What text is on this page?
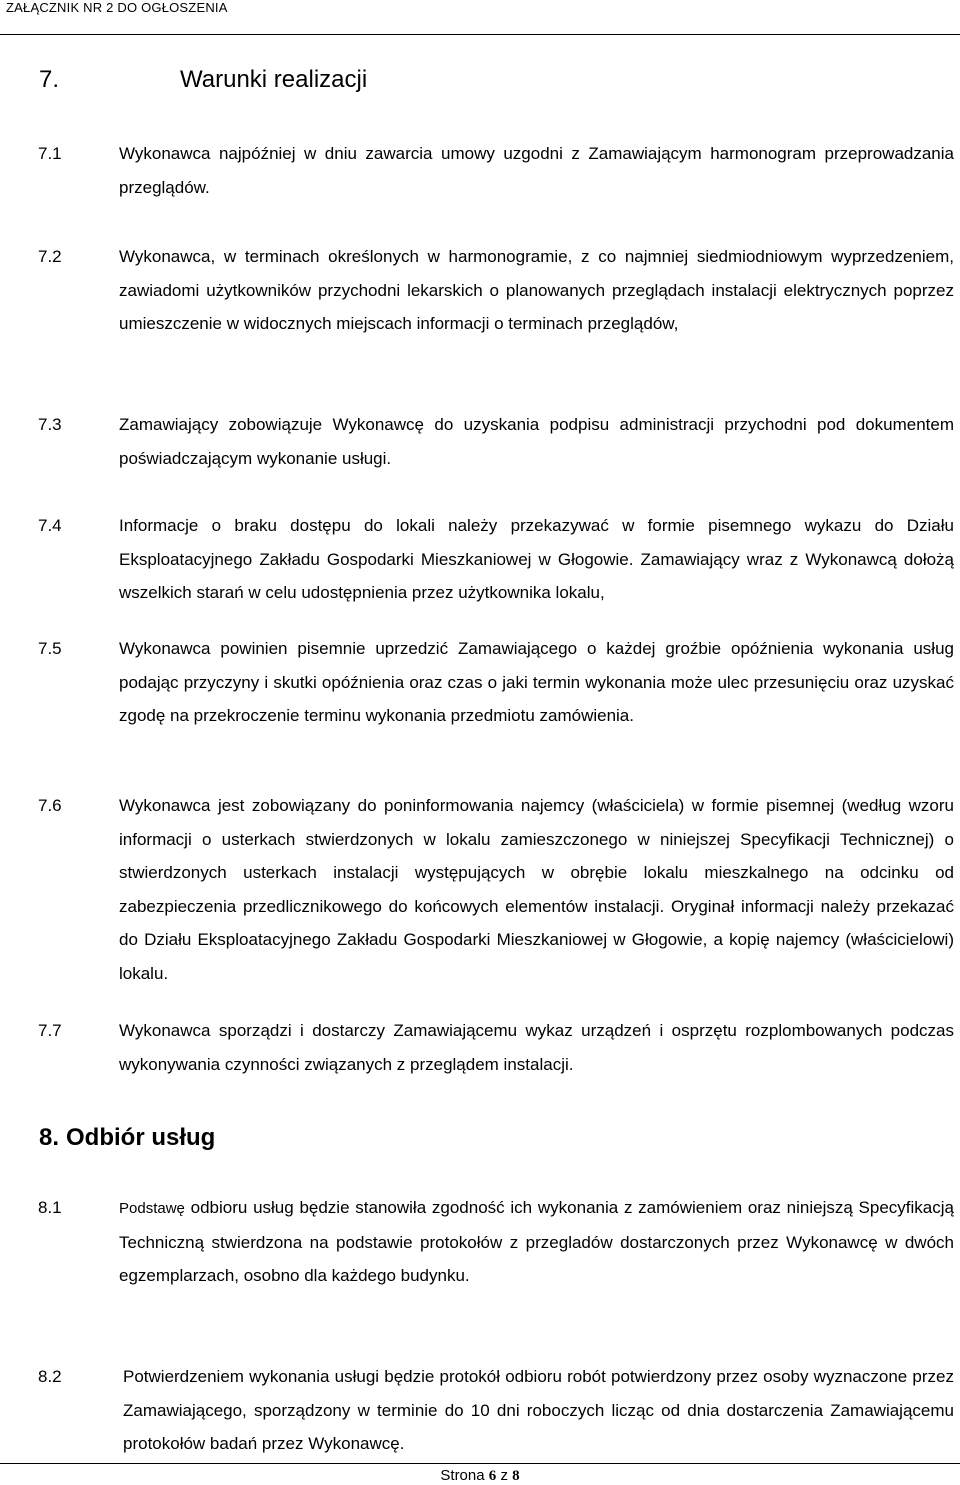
ZAŁĄCZNIK NR 2 DO OGŁOSZENIA
7.	Warunki realizacji
7.1	Wykonawca najpóźniej w dniu zawarcia umowy uzgodni z Zamawiającym harmonogram przeprowadzania przeglądów.
7.2	Wykonawca, w terminach określonych w harmonogramie, z co najmniej siedmiodniowym wyprzedzeniem, zawiadomi użytkowników przychodni lekarskich o planowanych przeglądach instalacji elektrycznych poprzez umieszczenie w widocznych miejscach informacji o terminach przeglądów,
7.3	Zamawiający zobowiązuje Wykonawcę do uzyskania podpisu administracji przychodni pod dokumentem poświadczającym wykonanie usługi.
7.4	Informacje o braku dostępu do lokali należy przekazywać w formie pisemnego wykazu do Działu Eksploatacyjnego Zakładu Gospodarki Mieszkaniowej w Głogowie. Zamawiający wraz z Wykonawcą dołożą wszelkich starań w celu udostępnienia przez użytkownika lokalu,
7.5	Wykonawca powinien pisemnie uprzedzić Zamawiającego o każdej groźbie opóźnienia wykonania usług podając przyczyny i skutki opóźnienia oraz czas o jaki termin wykonania może ulec przesunięciu oraz uzyskać zgodę na przekroczenie terminu wykonania przedmiotu zamówienia.
7.6	Wykonawca jest zobowiązany do poninformowania najemcy (właściciela) w formie pisemnej (według wzoru informacji o usterkach stwierdzonych w lokalu zamieszczonego w niniejszej Specyfikacji Technicznej) o stwierdzonych usterkach instalacji występujących w obrębie lokalu mieszkalnego na odcinku od zabezpieczenia przedlicznikowego do końcowych elementów instalacji. Oryginał informacji należy przekazać do Działu Eksploatacyjnego Zakładu Gospodarki Mieszkaniowej w Głogowie, a kopię najemcy (właścicielowi) lokalu.
7.7	Wykonawca sporządzi i dostarczy Zamawiającemu wykaz urządzeń i osprzętu rozplombowanych podczas wykonywania czynności związanych z przeglądem instalacji.
8. Odbiór usług
8.1	Podstawę odbioru usług będzie stanowiła zgodność ich wykonania z zamówieniem oraz niniejszą Specyfikacją Techniczną stwierdzona na podstawie protokołów z przegladów dostarczonych przez Wykonawcę w dwóch egzemplarzach, osobno dla każdego budynku.
8.2	Potwierdzeniem wykonania usługi będzie protokół odbioru robót potwierdzony przez osoby wyznaczone przez Zamawiającego, sporządzony w terminie do 10 dni roboczych licząc od dnia dostarczenia Zamawiającemu protokołów badań przez Wykonawcę.
Strona 6 z 8
